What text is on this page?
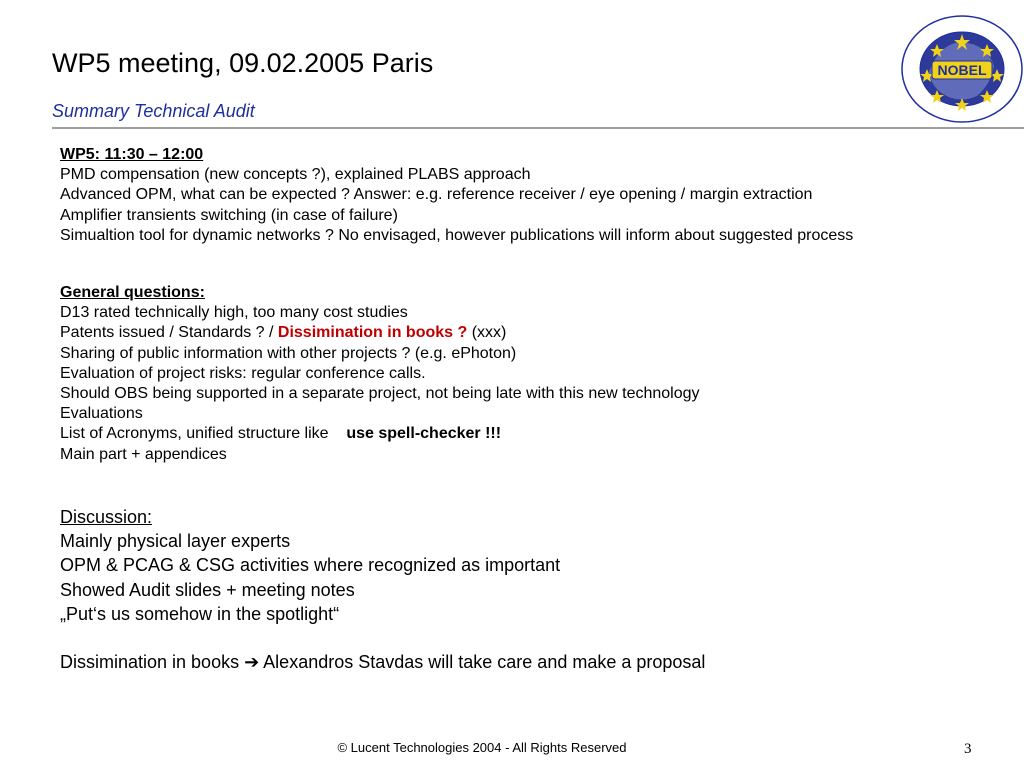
WP5 meeting, 09.02.2005 Paris
Summary Technical Audit
NOBEL

WP5: 11:30 – 12:00

PMD compensation (new concepts ?), explained PLABS approach

Advanced OPM, what can be expected ? Answer: e.g. reference receiver / eye opening / margin extraction

Amplifier transients switching (in case of failure)

Simualtion tool for dynamic networks ? No envisaged, however publications will inform about suggested process

General questions:

D13 rated technically high, too many cost studies

Patents issued / Standards ? / Dissimination in books ? (xxx)

Sharing of public information with other projects ? (e.g. ePhoton)

Evaluation of project risks: regular conference calls.

Should OBS being supported in a separate project, not being late with this new technology

Evaluations

List of Acronyms, unified structure like    use spell-checker !!!

Main part + appendices

Discussion:

Mainly physical layer experts

OPM & PCAG & CSG activities where recognized as important

Showed Audit slides + meeting notes

„Put‘s us somehow in the spotlight“

Dissimination in books ➔ Alexandros Stavdas will take care and make a proposal

© Lucent Technologies 2004 - All Rights Reserved	3
